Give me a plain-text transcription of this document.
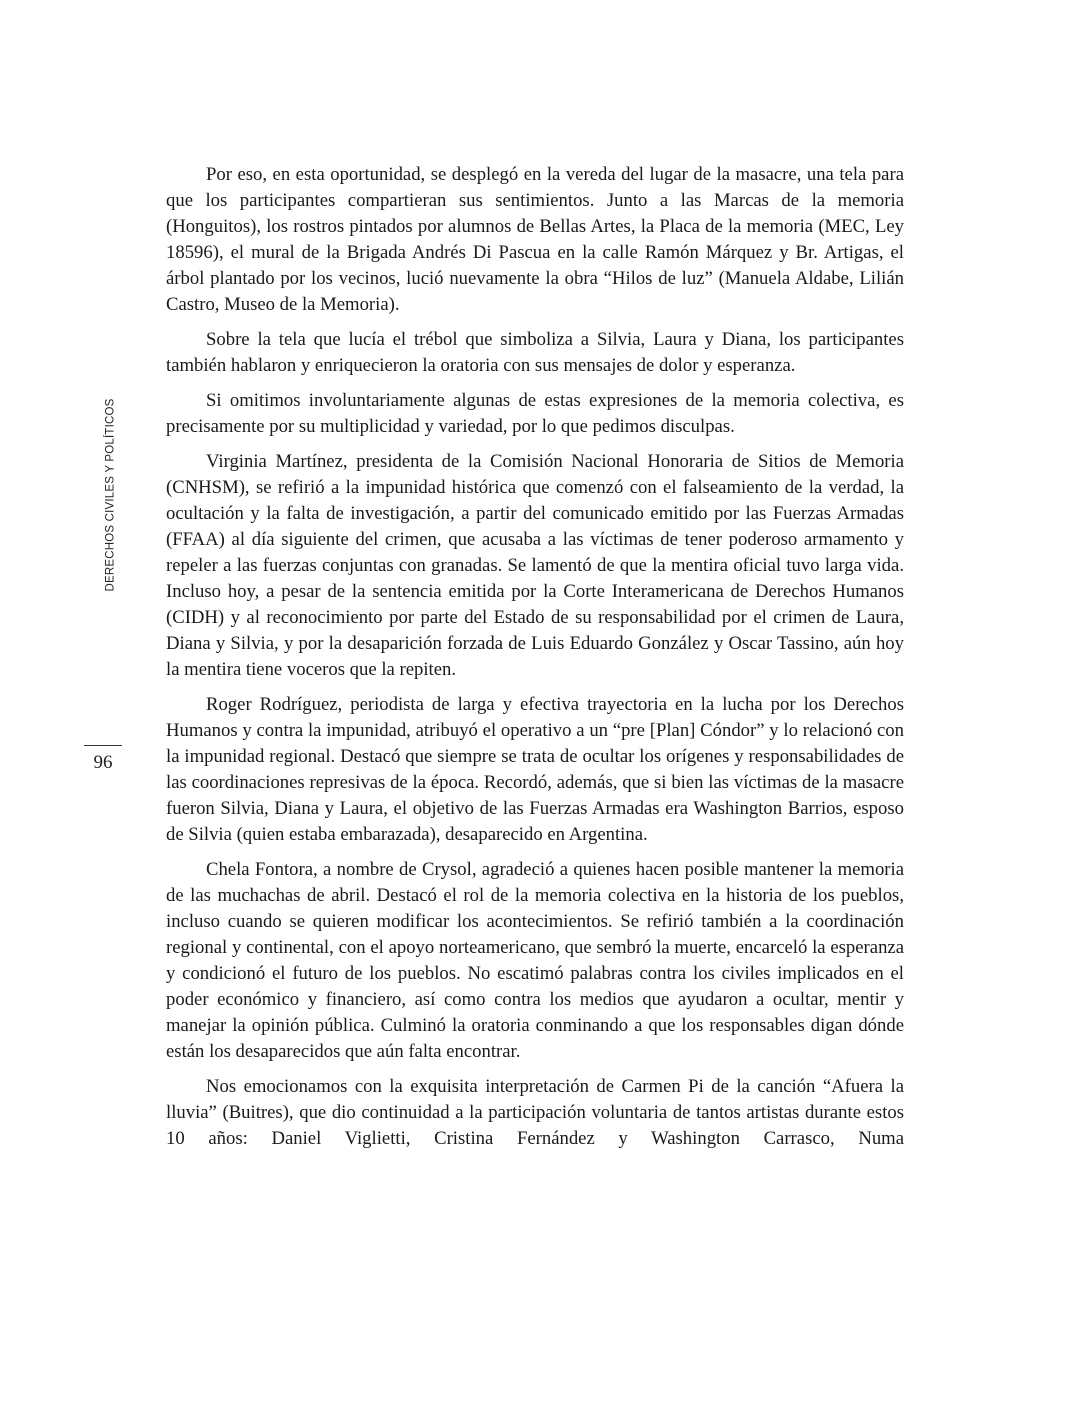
DERECHOS CIVILES Y POLÍTICOS
96

Por eso, en esta oportunidad, se desplegó en la vereda del lugar de la masacre, una tela para que los participantes compartieran sus sentimientos. Junto a las Marcas de la memoria (Honguitos), los rostros pintados por alumnos de Bellas Artes, la Placa de la memoria (MEC, Ley 18596), el mural de la Brigada Andrés Di Pascua en la calle Ramón Márquez y Br. Artigas, el árbol plantado por los vecinos, lució nuevamente la obra “Hilos de luz” (Manuela Aldabe, Lilián Castro, Museo de la Memoria).

Sobre la tela que lucía el trébol que simboliza a Silvia, Laura y Diana, los participantes también hablaron y enriquecieron la oratoria con sus mensajes de dolor y esperanza.

Si omitimos involuntariamente algunas de estas expresiones de la memoria colectiva, es precisamente por su multiplicidad y variedad, por lo que pedimos disculpas.

Virginia Martínez, presidenta de la Comisión Nacional Honoraria de Sitios de Memoria (CNHSM), se refirió a la impunidad histórica que comenzó con el falseamiento de la verdad, la ocultación y la falta de investigación, a partir del comunicado emitido por las Fuerzas Armadas (FFAA) al día siguiente del crimen, que acusaba a las víctimas de tener poderoso armamento y repeler a las fuerzas conjuntas con granadas. Se lamentó de que la mentira oficial tuvo larga vida. Incluso hoy, a pesar de la sentencia emitida por la Corte Interamericana de Derechos Humanos (CIDH) y al reconocimiento por parte del Estado de su responsabilidad por el crimen de Laura, Diana y Silvia, y por la desaparición forzada de Luis Eduardo González y Oscar Tassino, aún hoy la mentira tiene voceros que la repiten.

Roger Rodríguez, periodista de larga y efectiva trayectoria en la lucha por los Derechos Humanos y contra la impunidad, atribuyó el operativo a un “pre [Plan] Cóndor” y lo relacionó con la impunidad regional. Destacó que siempre se trata de ocultar los orígenes y responsabilidades de las coordinaciones represivas de la época. Recordó, además, que si bien las víctimas de la masacre fueron Silvia, Diana y Laura, el objetivo de las Fuerzas Armadas era Washington Barrios, esposo de Silvia (quien estaba embarazada), desaparecido en Argentina.

Chela Fontora, a nombre de Crysol, agradeció a quienes hacen posible mantener la memoria de las muchachas de abril. Destacó el rol de la memoria colectiva en la historia de los pueblos, incluso cuando se quieren modificar los acontecimientos. Se refirió también a la coordinación regional y continental, con el apoyo norteamericano, que sembró la muerte, encarceló la esperanza y condicionó el futuro de los pueblos. No escatimó palabras contra los civiles implicados en el poder económico y financiero, así como contra los medios que ayudaron a ocultar, mentir y manejar la opinión pública. Culminó la oratoria conminando a que los responsables digan dónde están los desaparecidos que aún falta encontrar.

Nos emocionamos con la exquisita interpretación de Carmen Pi de la canción “Afuera la lluvia” (Buitres), que dio continuidad a la participación voluntaria de tantos artistas durante estos 10 años: Daniel Viglietti, Cristina Fernández y Washington Carrasco, Numa
